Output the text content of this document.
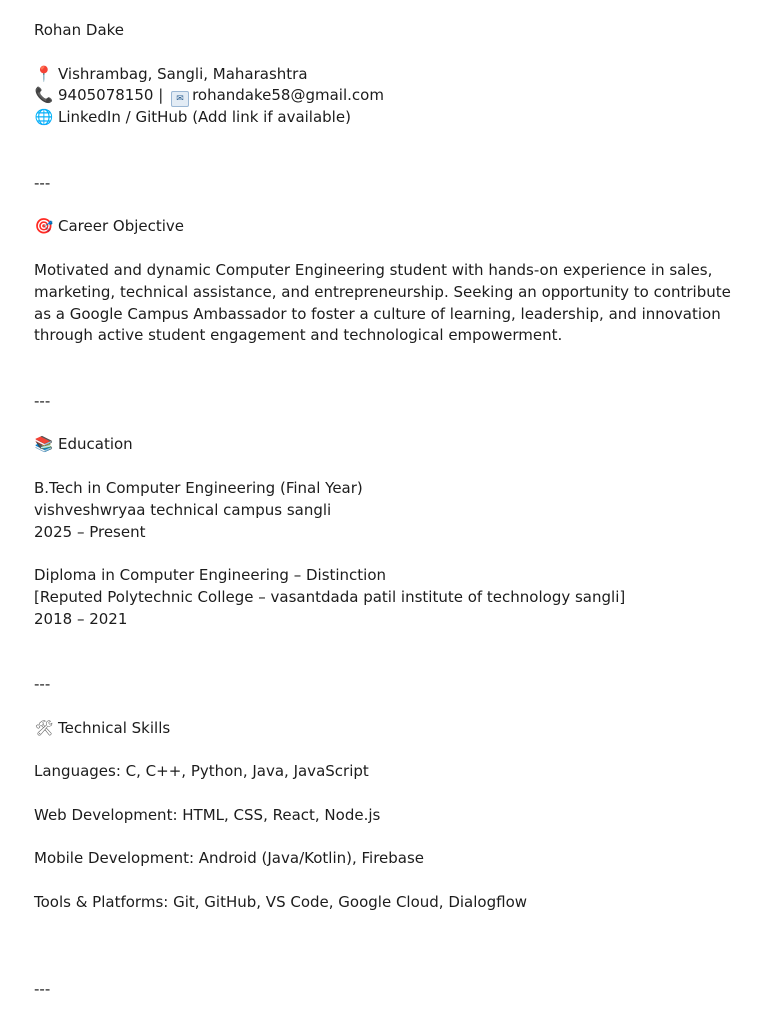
Rohan Dake
📍 Vishrambag, Sangli, Maharashtra
📞 9405078150 | ✉ rohandake58@gmail.com
🌐 LinkedIn / GitHub (Add link if available)
---
🎯 Career Objective
Motivated and dynamic Computer Engineering student with hands-on experience in sales, marketing, technical assistance, and entrepreneurship. Seeking an opportunity to contribute as a Google Campus Ambassador to foster a culture of learning, leadership, and innovation through active student engagement and technological empowerment.
---
📚 Education
B.Tech in Computer Engineering (Final Year)
vishveshwryaa technical campus sangli
2025 – Present
Diploma in Computer Engineering – Distinction
[Reputed Polytechnic College – vasantdada patil institute of technology sangli]
2018 – 2021
---
🛠 Technical Skills
Languages: C, C++, Python, Java, JavaScript
Web Development: HTML, CSS, React, Node.js
Mobile Development: Android (Java/Kotlin), Firebase
Tools & Platforms: Git, GitHub, VS Code, Google Cloud, Dialogflow
---
